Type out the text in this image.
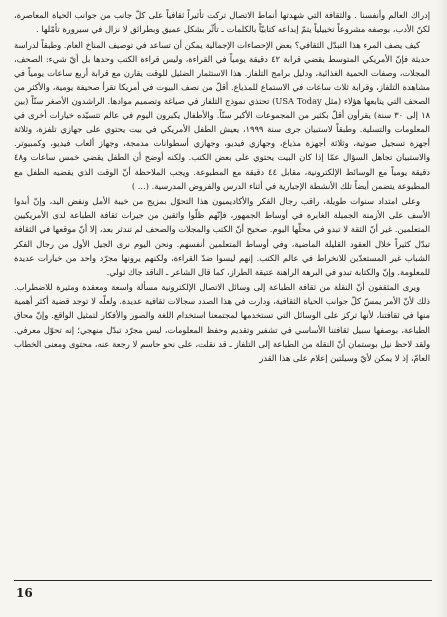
إدراك العالم وأنفسنا . والثقافة التي شهدتها أنماط الاتصال تركت تأثيراً ثقافياً على كلّ جانب من جوانب الحياة المعاصرة، لكنّ الأدب، بوصفه مشروعاً تخييلياً يتمّ إبداعه كتابيّاً بالكلمات ـ تأثّر بشكل عميق وبطرائق لا نزال في سيرورة تأمّلها .

كيف يصف المرء هذا التبدّل الثقافي؟ بعض الإحصاءات الإجمالية يمكن أن تساعد في توصيف المناخ العام. وطبقاً لدراسة حديثة فإنّ الأمريكي المتوسط يقضي قرابة ٤٢ دقيقة يومياً في القراءة، وليس قراءة الكتب وحدها بل أيّ شيء: الصحف، المجلات، وصفات الحمية الغذائية، ودليل برامج التلفاز. هذا الاستثمار الضئيل للوقت يقارن مع قرابة أربع ساعات يومياً في مشاهدة التلفاز، وقرابة ثلاث ساعات في الاستماع للمذياع. أقلّ من نصف البيوت في أمريكا تقرأ صحيفة يومية، والأكثر من الصحف التي يتابعها هؤلاء (مثل USA Today) تحتذي نموذج التلفاز في صياغة وتصميم موادها. الراشدون الأصغر سنّاً (بين ١٨ إلى ٣٠ سنة) يقرأون أقلّ بكثير من المجموعات الأكبر سنّاً. والأطفال يكبرون اليوم في عالم تتسيّده خيارات أخرى في المعلومات والتسلية. وطبقاً لاستبيان جرى سنة ١٩٩٩، يعيش الطفل الأمريكي في بيت يحتوي على جهازي تلفزة، وثلاثة أجهزة تسجيل صوتية، وثلاثة أجهزة مذياع، وجهازي فيديو، وجهازي أسطوانات مدمجة، وجهاز ألعاب فيديو، وكمبيوتر. والاستبيان تجاهل السؤال عمّا إذا كان البيت يحتوي على بعض الكتب. ولكنه أوضح أن الطفل يقضي خمس ساعات و٤٨ دقيقة يومياً مع الوسائط الإلكترونية، مقابل ٤٤ دقيقة مع المطبوعة. ويجب الملاحظة أنّ الوقت الذي يقضيه الطفل مع المطبوعة يتضمن أيضاً تلك الأنشطة الإجبارية في أثناء الدرس والفروض المدرسية. (... )

وعلى امتداد سنوات طويلة، راقب رجال الفكر والأكاديميون هذا التحوّل بمزيج من خيبة الأمل ونفض اليد، وإنّ أبدوا الأسف على الأزمنة الجميلة الغابرة في أوساط الجمهور، فإنّهم ظلّوا واثقين من جيرات ثقافة الطباعة لدى الأمريكيين المتعلمين. غير أنّ الثقة لا تبدو في محلّها اليوم. صحيح أنّ الكتب والمجلات والصحف لم تندثر بعد، إلا أنّ موقعها في الثقافة تبدّل كثيراً خلال العقود القليلة الماضية، وفي أوساط المتعلمين أنفسهم. ونحن اليوم نرى الجيل الأول من رجال الفكر الشباب غير المستعدّين للانخراط في عالم الكتب. إنهم ليسوا ضدّ القراءة، ولكنهم يرونها مجرّد واحد من خيارات عديدة للمعلومة. وإنّ والكتابة تبدو في البرهة الراهنة عتيقة الطراز، كما قال الشاعر ـ الناقد جاك ثولي.

ويرى المثقفون أنّ النقلة من ثقافة الطباعة إلى وسائل الاتصال الإلكترونية مسألة واسعة ومعقدة ومثيرة للاضطراب. ذلك لأنّ الأمر يمسّ كلّ جوانب الحياة الثقافية، ودارت في هذا الصدد سجالات ثقافية عديدة. ولعلّه لا توجد قضية أكثر أهمية منها في ثقافتنا، لأنها تركز على الوسائل التي تستخدمها لمجتمعنا استخدام اللغة والصور والأفكار لتمثيل الواقع. وإنّ محاق الطباعة، بوصفها سبيل ثقافتنا الأساسي في تشفير وتقديم وحفظ المعلومات، ليس مجرّد تبدّل منهجي؛ إنه تحوّل معرفي. ولقد لاحظ نيل بوستمان أنّ النقلة من الطباعة إلى التلفاز ـ قد نقلت، على نحو حاسم لا رجعة عنه، محتوى ومعنى الخطاب العامّ، إذ لا يمكن لأيّ وسيلتين إعلام على هذا القدر

16
